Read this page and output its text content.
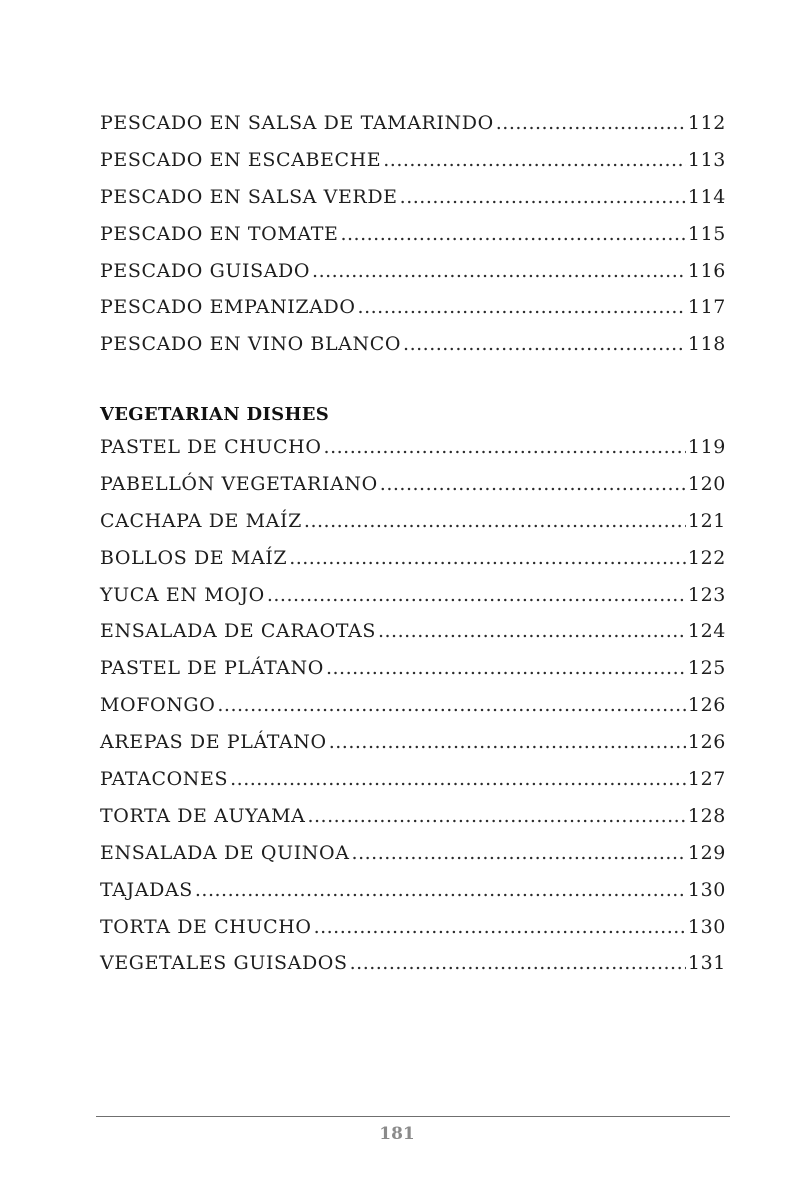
PESCADO EN SALSA DE TAMARINDO .....	112
PESCADO EN ESCABECHE .....	113
PESCADO EN SALSA VERDE .....	114
PESCADO EN TOMATE .....	115
PESCADO GUISADO .....	116
PESCADO EMPANIZADO .....	117
PESCADO EN VINO BLANCO .....	118
VEGETARIAN DISHES
PASTEL DE CHUCHO .....	119
PABELLÓN VEGETARIANO .....	120
CACHAPA DE MAÍZ .....	121
BOLLOS DE MAÍZ .....	122
YUCA EN MOJO .....	123
ENSALADA DE CARAOTAS .....	124
PASTEL DE PLÁTANO .....	125
MOFONGO .....	126
AREPAS DE PLÁTANO .....	126
PATACONES .....	127
TORTA DE AUYAMA .....	128
ENSALADA DE QUINOA .....	129
TAJADAS .....	130
TORTA DE CHUCHO .....	130
VEGETALES GUISADOS .....	131
181
